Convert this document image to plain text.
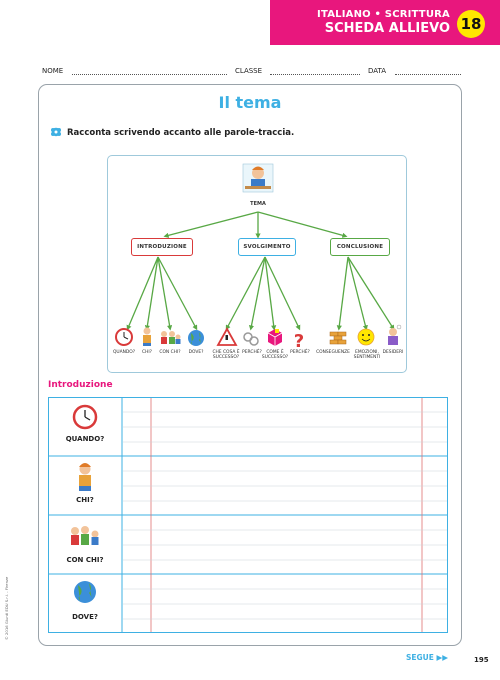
ITALIANO • SCRITTURA
SCHEDA ALLIEVO 18
NOME	CLASSE	DATA
Il tema
Racconta scrivendo accanto alle parole-traccia.
?
TEMA
INTRODUZIONE	SVOLGIMENTO	CONCLUSIONE
QUANDO?	CHI?	CON CHI?	DOVE?	CHE COSA È SUCCESSO?
PERCHÉ?	COME È SUCCESSO?
PERCHÉ?	CONSEGUENZE	EMOZIONI, SENTIMENTI
DESIDERI
Introduzione
QUANDO?
CHI?
CON CHI?
DOVE?
SEGUE ▶▶	195
© 2016 Giunti EDU S.r.l. - Firenze
